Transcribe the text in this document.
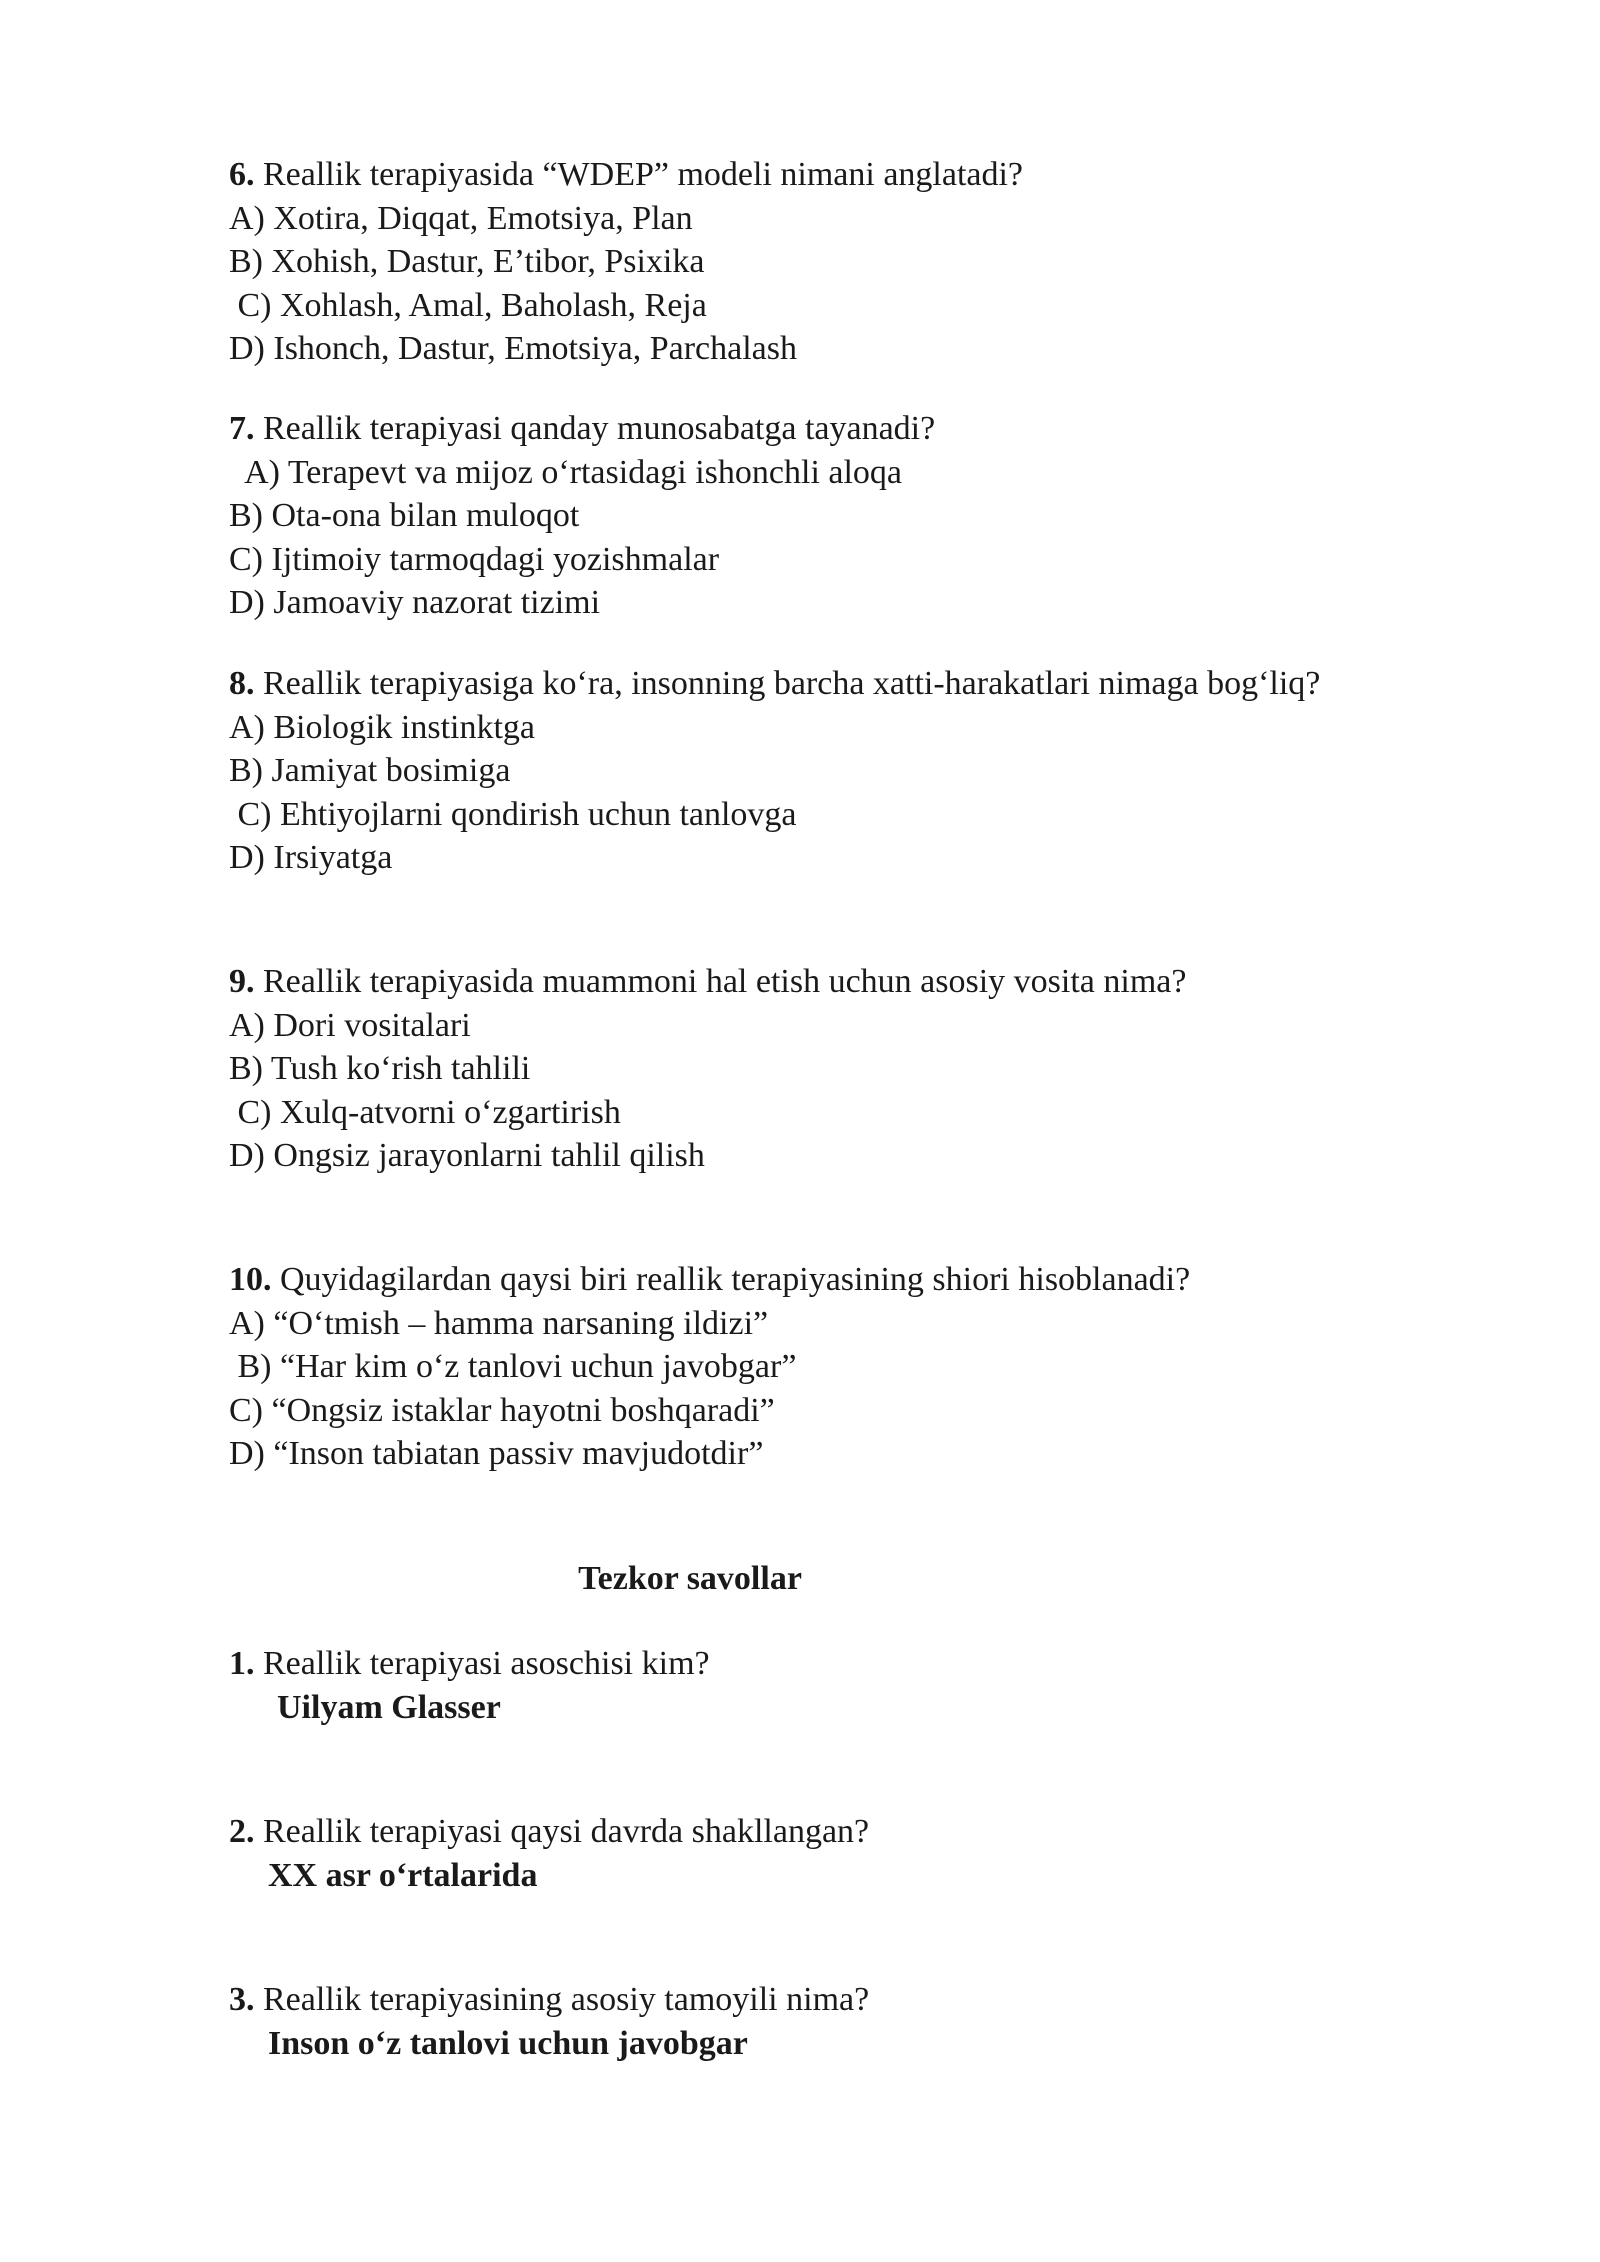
6. Reallik terapiyasida “WDEP” modeli nimani anglatadi?
A) Xotira, Diqqat, Emotsiya, Plan
B) Xohish, Dastur, E’tibor, Psixika
C) Xohlash, Amal, Baholash, Reja
D) Ishonch, Dastur, Emotsiya, Parchalash
7. Reallik terapiyasi qanday munosabatga tayanadi?
A) Terapevt va mijoz o‘rtasidagi ishonchli aloqa
B) Ota-ona bilan muloqot
C) Ijtimoiy tarmoqdagi yozishmalar
D) Jamoaviy nazorat tizimi
8. Reallik terapiyasiga ko‘ra, insonning barcha xatti-harakatlari nimaga bog‘liq?
A) Biologik instinktga
B) Jamiyat bosimiga
C) Ehtiyojlarni qondirish uchun tanlovga
D) Irsiyatga
9. Reallik terapiyasida muammoni hal etish uchun asosiy vosita nima?
A) Dori vositalari
B) Tush ko‘rish tahlili
C) Xulq-atvorni o‘zgartirish
D) Ongsiz jarayonlarni tahlil qilish
10. Quyidagilardan qaysi biri reallik terapiyasining shiori hisoblanadi?
A) “O‘tmish – hamma narsaning ildizi”
B) “Har kim o‘z tanlovi uchun javobgar”
C) “Ongsiz istaklar hayotni boshqaradi”
D) “Inson tabiatan passiv mavjudotdir”
Tezkor savollar
1. Reallik terapiyasi asoschisi kim?
Uilyam Glasser
2. Reallik terapiyasi qaysi davrda shakllangan?
XX asr o‘rtalarida
3. Reallik terapiyasining asosiy tamoyili nima?
Inson o‘z tanlovi uchun javobgar
